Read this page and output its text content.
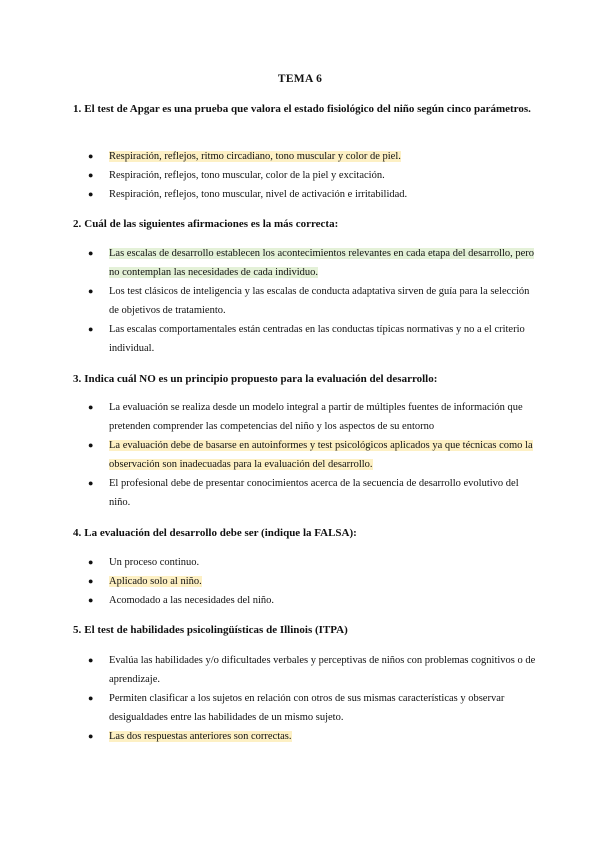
TEMA 6
1. El test de Apgar es una prueba que valora el estado fisiológico del niño según cinco parámetros.
● Respiración, reflejos, ritmo circadiano, tono muscular y color de piel.
● Respiración, reflejos, tono muscular, color de la piel y excitación.
● Respiración, reflejos, tono muscular, nivel de activación e irritabilidad.
2. Cuál de las siguientes afirmaciones es la más correcta:
● Las escalas de desarrollo establecen los acontecimientos relevantes en cada etapa del desarrollo, pero no contemplan las necesidades de cada individuo.
● Los test clásicos de inteligencia y las escalas de conducta adaptativa sirven de guía para la selección de objetivos de tratamiento.
● Las escalas comportamentales están centradas en las conductas típicas normativas y no a el criterio individual.
3. Indica cuál NO es un principio propuesto para la evaluación del desarrollo:
● La evaluación se realiza desde un modelo integral a partir de múltiples fuentes de información que pretenden comprender las competencias del niño y los aspectos de su entorno
● La evaluación debe de basarse en autoinformes y test psicológicos aplicados ya que técnicas como la observación son inadecuadas para la evaluación del desarrollo.
● El profesional debe de presentar conocimientos acerca de la secuencia de desarrollo evolutivo del niño.
4. La evaluación del desarrollo debe ser (indique la FALSA):
● Un proceso continuo.
● Aplicado solo al niño.
● Acomodado a las necesidades del niño.
5. El test de habilidades psicolingüísticas de Illinois (ITPA)
● Evalúa las habilidades y/o dificultades verbales y perceptivas de niños con problemas cognitivos o de aprendizaje.
● Permiten clasificar a los sujetos en relación con otros de sus mismas características y observar desigualdades entre las habilidades de un mismo sujeto.
● Las dos respuestas anteriores son correctas.
